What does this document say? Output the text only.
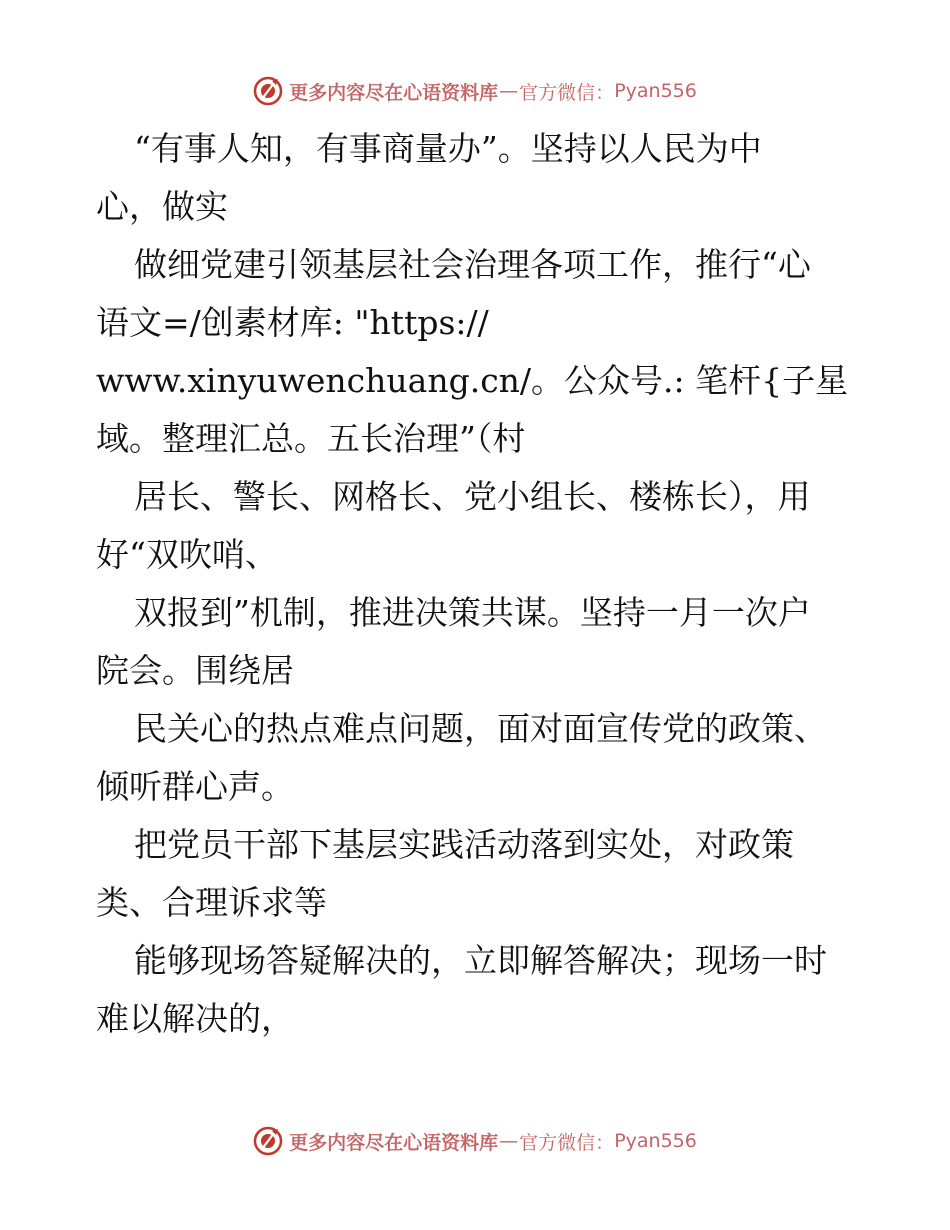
更多内容尽在心语资料库 — 官方微信： Pyan556
“有事人知，有事商量办”。坚持以人民为中
心，做实
做细党建引领基层社会治理各项工作，推行“心
语文=/创素材库: "https://
www.xinyuwenchuang.cn/。公众号.: 笔杆{子星
域。整理汇总。五长治理”（村
居长、警长、网格长、党小组长、楼栋长），用
好“双吹哨、
双报到”机制，推进决策共谋。坚持一月一次户
院会。围绕居
民关心的热点难点问题，面对面宣传党的政策、
倾听群心声。
把党员干部下基层实践活动落到实处，对政策
类、合理诉求等
能够现场答疑解决的，立即解答解决；现场一时
难以解决的，
更多内容尽在心语资料库 — 官方微信： Pyan556
